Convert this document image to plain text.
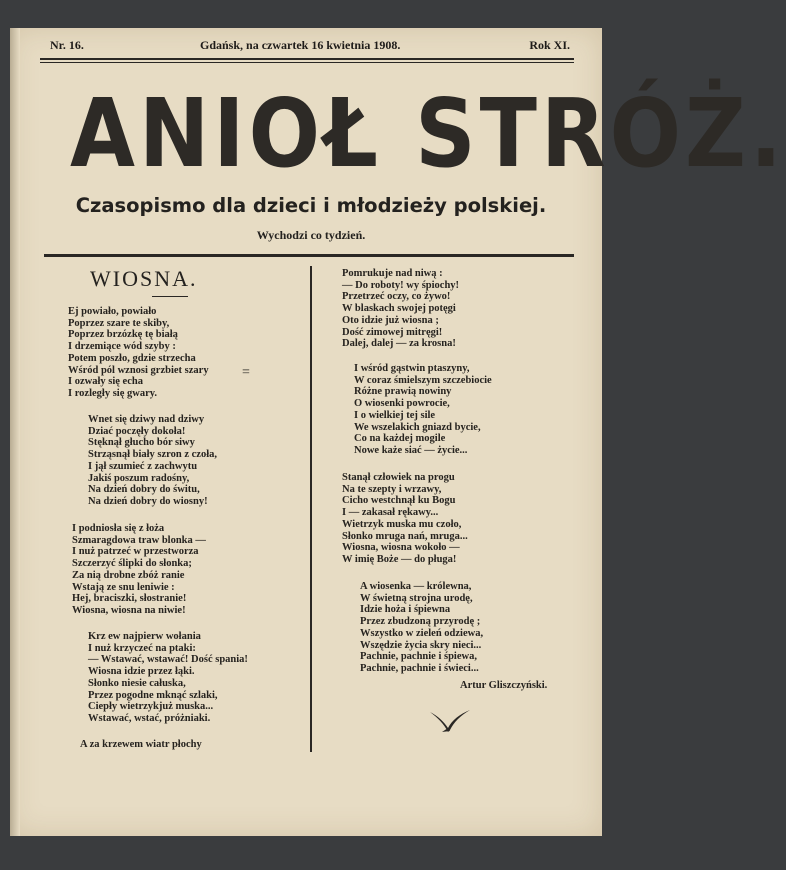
Nr. 16.	Gdańsk, na czwartek 16 kwietnia 1908.	Rok XI.
ANIOŁ STRÓŻ.
Czasopismo dla dzieci i młodzieży polskiej.
Wychodzi co tydzień.
WIOSNA.
Ej powiało, powiało
Poprzez szare te skiby,
Poprzez brzózkę tę białą
I drzemiące wód szyby :
Potem poszło, gdzie strzecha
Wśród pól wznosi grzbiet szary
I ozwały się echa
I rozległy się gwary.
=
Wnet się dziwy nad dziwy
Dziać poczęły dokoła!
Stęknął głucho bór siwy
Strząsnął biały szron z czoła,
I jął szumieć z zachwytu
Jakiś poszum radośny,
Na dzień dobry do świtu,
Na dzień dobry do wiosny!
I podniosła się z łoża
Szmaragdowa traw blonka —
I nuż patrzeć w przestworza
Szczerzyć ślipki do słonka;
Za nią drobne zbóż ranie
Wstają ze snu leniwie :
Hej, braciszki, słostranie!
Wiosna, wiosna na niwie!
Krz ew najpierw wołania
I nuż krzyczeć na ptaki:
— Wstawać, wstawać! Dość spania!
Wiosna idzie przez łąki.
Słonko niesie całuska,
Przez pogodne mknąć szlaki,
Ciepły wietrzykjuż muska...
Wstawać, wstać, próżniaki.
A za krzewem wiatr płochy
Pomrukuje nad niwą :
— Do roboty! wy śpiochy!
Przetrzeć oczy, co żywo!
W blaskach swojej potęgi
Oto idzie już wiosna ;
Dość zimowej mitręgi!
Dalej, dalej — za krosna!
I wśród gąstwin ptaszyny,
W coraz śmielszym szczebiocie
Różne prawią nowiny
O wiosenki powrocie,
I o wielkiej tej sile
We wszelakich gniazd bycie,
Co na każdej mogile
Nowe każe siać — życie...
Stanął człowiek na progu
Na te szepty i wrzawy,
Cicho westchnął ku Bogu
I — zakasał rękawy...
Wietrzyk muska mu czoło,
Słonko mruga nań, mruga...
Wiosna, wiosna wokoło —
W imię Boże — do pługa!
A wiosenka — królewna,
W świetną strojna urodę,
Idzie hoża i śpiewna
Przez zbudzoną przyrodę ;
Wszystko w zieleń odziewa,
Wszędzie życia skry nieci...
Pachnie, pachnie i śpiewa,
Pachnie, pachnie i świeci...
Artur Gliszczyński.
